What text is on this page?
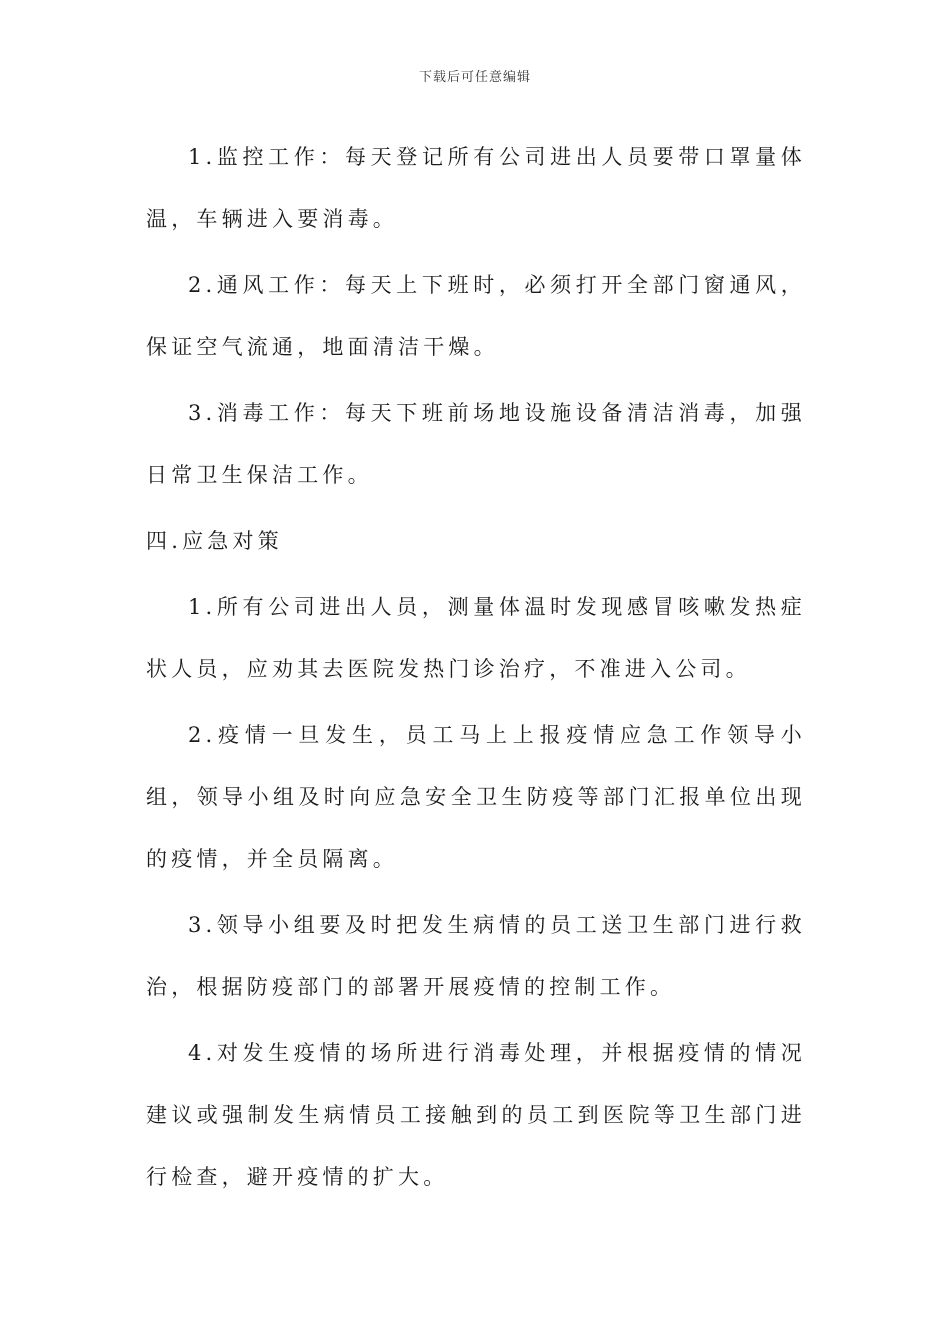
下载后可任意编辑

1.监控工作：每天登记所有公司进出人员要带口罩量体温，车辆进入要消毒。

2.通风工作：每天上下班时，必须打开全部门窗通风，保证空气流通，地面清洁干燥。

3.消毒工作：每天下班前场地设施设备清洁消毒，加强日常卫生保洁工作。

四.应急对策

1.所有公司进出人员，测量体温时发现感冒咳嗽发热症状人员，应劝其去医院发热门诊治疗，不准进入公司。

2.疫情一旦发生，员工马上上报疫情应急工作领导小组，领导小组及时向应急安全卫生防疫等部门汇报单位出现的疫情，并全员隔离。

3.领导小组要及时把发生病情的员工送卫生部门进行救治，根据防疫部门的部署开展疫情的控制工作。

4.对发生疫情的场所进行消毒处理，并根据疫情的情况建议或强制发生病情员工接触到的员工到医院等卫生部门进行检查，避开疫情的扩大。
